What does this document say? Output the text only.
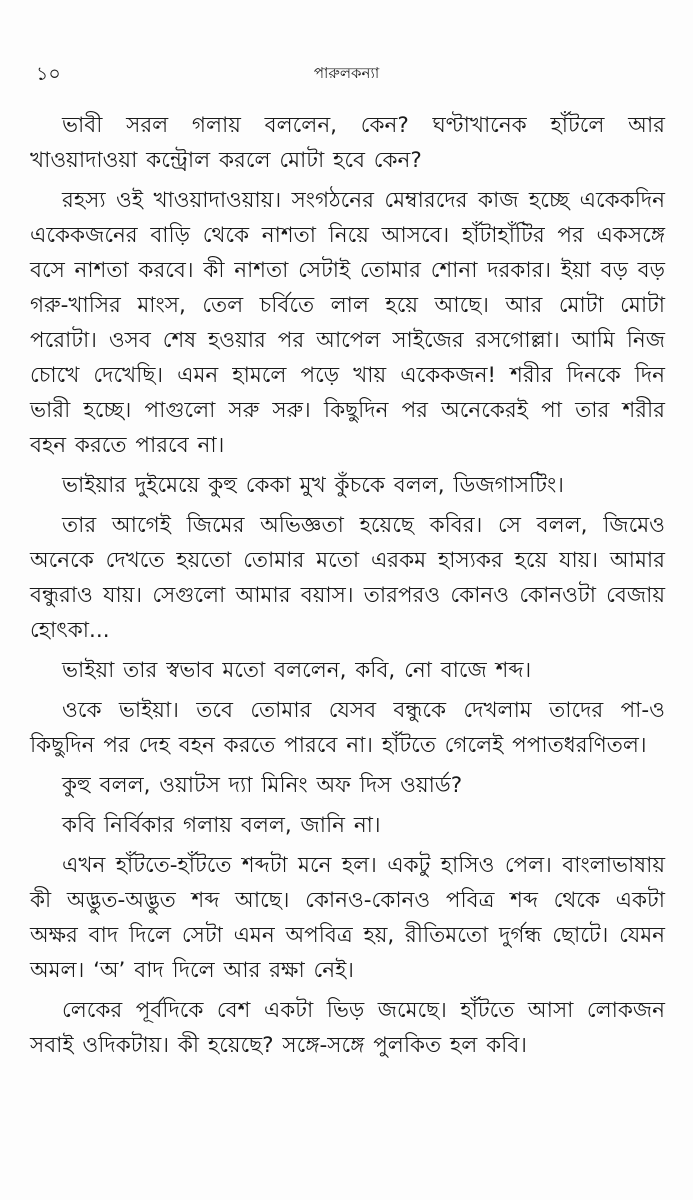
১০	পারুলকন্যা

ভাবী সরল গলায় বললেন, কেন? ঘণ্টাখানেক হাঁটলে আর খাওয়াদাওয়া কন্ট্রোল করলে মোটা হবে কেন?

রহস্য ওই খাওয়াদাওয়ায়। সংগঠনের মেম্বারদের কাজ হচ্ছে একেকদিন একেকজনের বাড়ি থেকে নাশতা নিয়ে আসবে। হাঁটাহাঁটির পর একসঙ্গে বসে নাশতা করবে। কী নাশতা সেটাই তোমার শোনা দরকার। ইয়া বড় বড় গরু-খাসির মাংস, তেল চর্বিতে লাল হয়ে আছে। আর মোটা মোটা পরোটা। ওসব শেষ হওয়ার পর আপেল সাইজের রসগোল্লা। আমি নিজ চোখে দেখেছি। এমন হামলে পড়ে খায় একেকজন! শরীর দিনকে দিন ভারী হচ্ছে। পাগুলো সরু সরু। কিছুদিন পর অনেকেরই পা তার শরীর বহন করতে পারবে না।

ভাইয়ার দুইমেয়ে কুহু কেকা মুখ কুঁচকে বলল, ডিজগাসটিং।

তার আগেই জিমের অভিজ্ঞতা হয়েছে কবির। সে বলল, জিমেও অনেকে দেখতে হয়তো তোমার মতো এরকম হাস্যকর হয়ে যায়। আমার বন্ধুরাও যায়। সেগুলো আমার বয়াস। তারপরও কোনও কোনওটা বেজায় হোৎকা...

ভাইয়া তার স্বভাব মতো বললেন, কবি, নো বাজে শব্দ।

ওকে ভাইয়া। তবে তোমার যেসব বন্ধুকে দেখলাম তাদের পা-ও কিছুদিন পর দেহ বহন করতে পারবে না। হাঁটতে গেলেই পপাতধরণিতল।

কুহু বলল, ওয়াটস দ্যা মিনিং অফ দিস ওয়ার্ড?

কবি নির্বিকার গলায় বলল, জানি না।

এখন হাঁটতে-হাঁটতে শব্দটা মনে হল। একটু হাসিও পেল। বাংলাভাষায় কী অদ্ভুত-অদ্ভুত শব্দ আছে। কোনও-কোনও পবিত্র শব্দ থেকে একটা অক্ষর বাদ দিলে সেটা এমন অপবিত্র হয়, রীতিমতো দুর্গন্ধ ছোটে। যেমন অমল। ‘অ’ বাদ দিলে আর রক্ষা নেই।

লেকের পূর্বদিকে বেশ একটা ভিড় জমেছে। হাঁটতে আসা লোকজন সবাই ওদিকটায়। কী হয়েছে? সঙ্গে-সঙ্গে পুলকিত হল কবি।
